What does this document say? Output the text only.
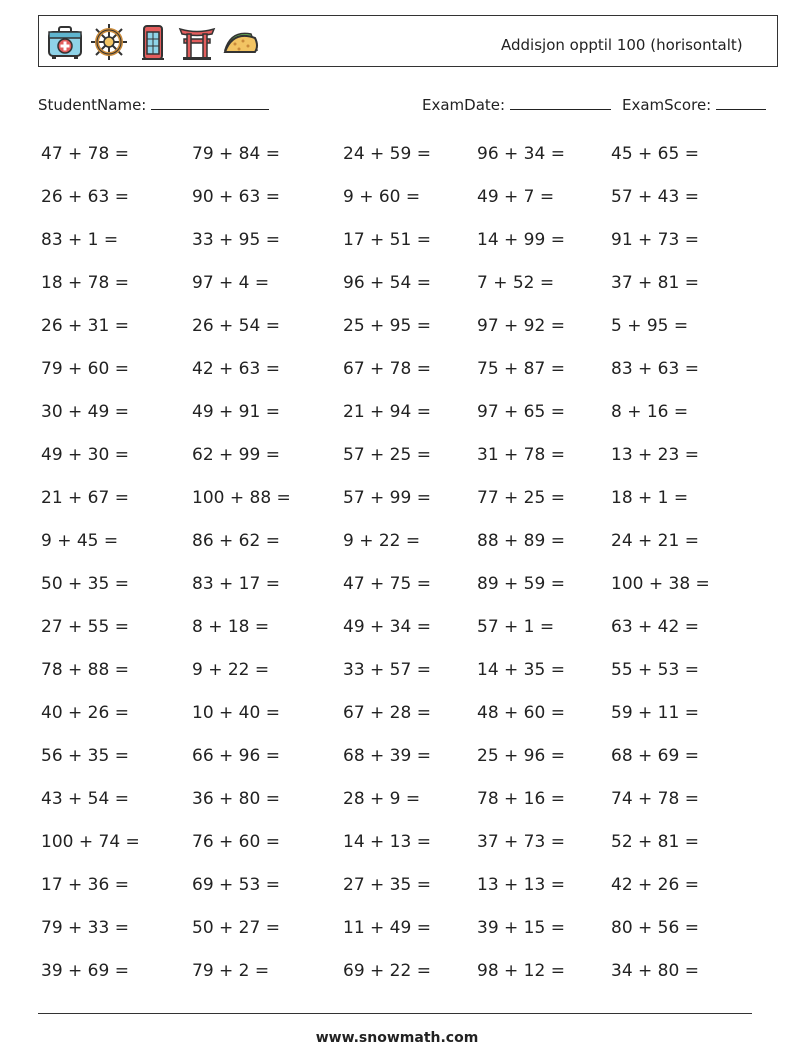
Addisjon opptil 100 (horisontalt)
StudentName:	ExamDate:	ExamScore:
47 + 78 =	79 + 84 =	24 + 59 =	96 + 34 =	45 + 65 =
26 + 63 =	90 + 63 =	9 + 60 =	49 + 7 =	57 + 43 =
83 + 1 =	33 + 95 =	17 + 51 =	14 + 99 =	91 + 73 =
18 + 78 =	97 + 4 =	96 + 54 =	7 + 52 =	37 + 81 =
26 + 31 =	26 + 54 =	25 + 95 =	97 + 92 =	5 + 95 =
79 + 60 =	42 + 63 =	67 + 78 =	75 + 87 =	83 + 63 =
30 + 49 =	49 + 91 =	21 + 94 =	97 + 65 =	8 + 16 =
49 + 30 =	62 + 99 =	57 + 25 =	31 + 78 =	13 + 23 =
21 + 67 =	100 + 88 =	57 + 99 =	77 + 25 =	18 + 1 =
9 + 45 =	86 + 62 =	9 + 22 =	88 + 89 =	24 + 21 =
50 + 35 =	83 + 17 =	47 + 75 =	89 + 59 =	100 + 38 =
27 + 55 =	8 + 18 =	49 + 34 =	57 + 1 =	63 + 42 =
78 + 88 =	9 + 22 =	33 + 57 =	14 + 35 =	55 + 53 =
40 + 26 =	10 + 40 =	67 + 28 =	48 + 60 =	59 + 11 =
56 + 35 =	66 + 96 =	68 + 39 =	25 + 96 =	68 + 69 =
43 + 54 =	36 + 80 =	28 + 9 =	78 + 16 =	74 + 78 =
100 + 74 =	76 + 60 =	14 + 13 =	37 + 73 =	52 + 81 =
17 + 36 =	69 + 53 =	27 + 35 =	13 + 13 =	42 + 26 =
79 + 33 =	50 + 27 =	11 + 49 =	39 + 15 =	80 + 56 =
39 + 69 =	79 + 2 =	69 + 22 =	98 + 12 =	34 + 80 =
www.snowmath.com
